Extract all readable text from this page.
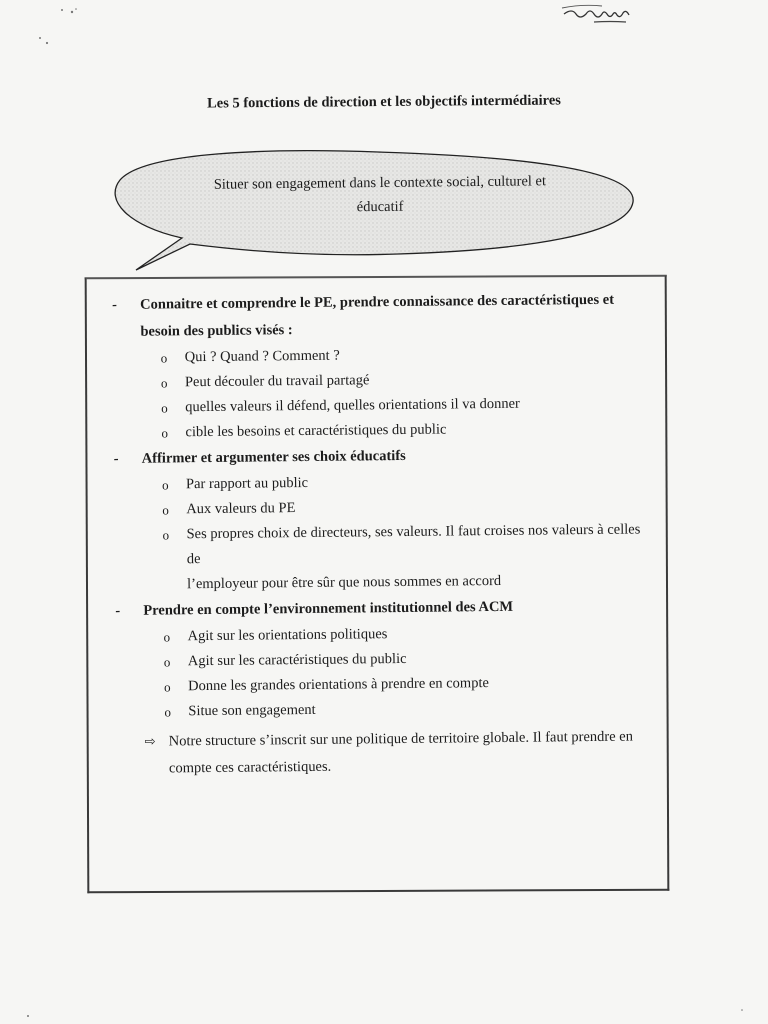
Les 5 fonctions de direction et les objectifs intermédiaires
Situer son engagement dans le contexte social, culturel et
éducatif
- Connaitre et comprendre le PE, prendre connaissance des caractéristiques et
besoin des publics visés :
o Qui ? Quand ? Comment ?
o Peut découler du travail partagé
o quelles valeurs il défend, quelles orientations il va donner
o cible les besoins et caractéristiques du public
- Affirmer et argumenter ses choix éducatifs
o Par rapport au public
o Aux valeurs du PE
o Ses propres choix de directeurs, ses valeurs. Il faut croises nos valeurs à celles de
l’employeur pour être sûr que nous sommes en accord
- Prendre en compte l’environnement institutionnel des ACM
o Agit sur les orientations politiques
o Agit sur les caractéristiques du public
o Donne les grandes orientations à prendre en compte
o Situe son engagement
⇨ Notre structure s’inscrit sur une politique de territoire globale. Il faut prendre en
compte ces caractéristiques.
